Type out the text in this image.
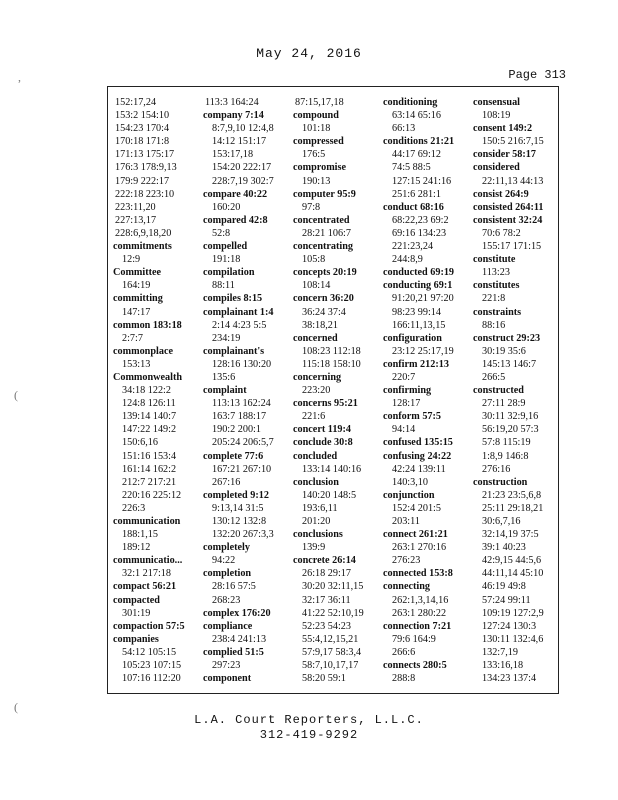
May 24, 2016
Page 313
,
(
(
152:17,24
153:2 154:10
154:23 170:4
170:18 171:8
171:13 175:17
176:3 178:9,13
179:9 222:17
222:18 223:10
223:11,20
227:13,17
228:6,9,18,20
commitments
12:9
Committee
164:19
committing
147:17
common 183:18
2:7:7
commonplace
153:13
Commonwealth
34:18 122:2
124:8 126:11
139:14 140:7
147:22 149:2
150:6,16
151:16 153:4
161:14 162:2
212:7 217:21
220:16 225:12
226:3
communication
188:1,15
189:12
communicatio...
32:1 217:18
compact 56:21
compacted
301:19
compaction 57:5
companies
54:12 105:15
105:23 107:15
107:16 112:20
113:3 164:24
company 7:14
8:7,9,10 12:4,8
14:12 151:17
153:17,18
154:20 222:17
228:7,19 302:7
compare 40:22
160:20
compared 42:8
52:8
compelled
191:18
compilation
88:11
compiles 8:15
complainant 1:4
2:14 4:23 5:5
234:19
complainant's
128:16 130:20
135:6
complaint
113:13 162:24
163:7 188:17
190:2 200:1
205:24 206:5,7
complete 77:6
167:21 267:10
267:16
completed 9:12
9:13,14 31:5
130:12 132:8
132:20 267:3,3
completely
94:22
completion
28:16 57:5
268:23
complex 176:20
compliance
238:4 241:13
complied 51:5
297:23
component
87:15,17,18
compound
101:18
compressed
176:5
compromise
190:13
computer 95:9
97:8
concentrated
28:21 106:7
concentrating
105:8
concepts 20:19
108:14
concern 36:20
36:24 37:4
38:18,21
concerned
108:23 112:18
115:18 158:10
concerning
223:20
concerns 95:21
221:6
concert 119:4
conclude 30:8
concluded
133:14 140:16
conclusion
140:20 148:5
193:6,11
201:20
conclusions
139:9
concrete 26:14
26:18 29:17
30:20 32:11,15
32:17 36:11
41:22 52:10,19
52:23 54:23
55:4,12,15,21
57:9,17 58:3,4
58:7,10,17,17
58:20 59:1
conditioning
63:14 65:16
66:13
conditions 21:21
44:17 69:12
74:5 88:5
127:15 241:16
251:6 281:1
conduct 68:16
68:22,23 69:2
69:16 134:23
221:23,24
244:8,9
conducted 69:19
conducting 69:1
91:20,21 97:20
98:23 99:14
166:11,13,15
configuration
23:12 25:17,19
confirm 212:13
220:7
confirming
128:17
conform 57:5
94:14
confused 135:15
confusing 24:22
42:24 139:11
140:3,10
conjunction
152:4 201:5
203:11
connect 261:21
263:1 270:16
276:23
connected 153:8
connecting
262:1,3,14,16
263:1 280:22
connection 7:21
79:6 164:9
266:6
connects 280:5
288:8
consensual
108:19
consent 149:2
150:5 216:7,15
consider 58:17
considered
22:11,13 44:13
consist 264:9
consisted 264:11
consistent 32:24
70:6 78:2
155:17 171:15
constitute
113:23
constitutes
221:8
constraints
88:16
construct 29:23
30:19 35:6
145:13 146:7
266:5
constructed
27:11 28:9
30:11 32:9,16
56:19,20 57:3
57:8 115:19
1:8,9 146:8
276:16
construction
21:23 23:5,6,8
25:11 29:18,21
30:6,7,16
32:14,19 37:5
39:1 40:23
42:9,15 44:5,6
44:11,14 45:10
46:19 49:8
57:24 99:11
109:19 127:2,9
127:24 130:3
130:11 132:4,6
132:7,19
133:16,18
134:23 137:4
L.A. Court Reporters, L.L.C.
312-419-9292
